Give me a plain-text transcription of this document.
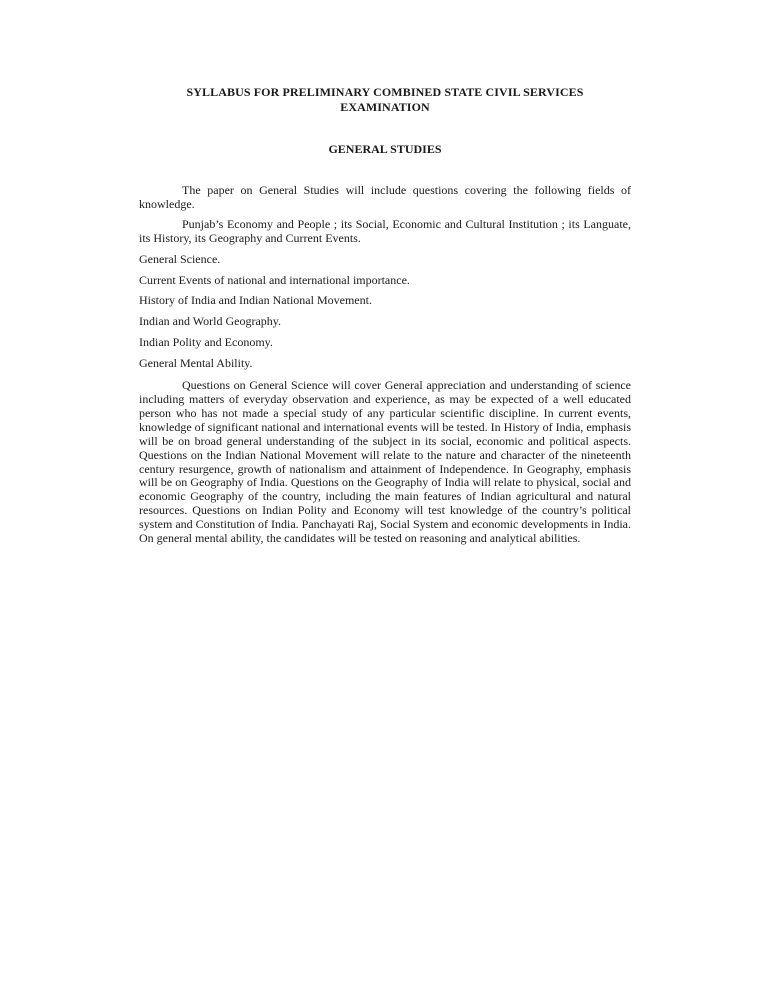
SYLLABUS FOR PRELIMINARY COMBINED STATE CIVIL SERVICES
EXAMINATION
GENERAL STUDIES

The paper on General Studies will include questions covering the following fields of knowledge.

Punjab’s Economy and People ; its Social, Economic and Cultural Institution ; its Languate, its History, its Geography and Current Events.

General Science.

Current Events of national and international importance.

History of India and Indian National Movement.

Indian and World Geography.

Indian Polity and Economy.

General Mental Ability.

Questions on General Science will cover General appreciation and understanding of science including matters of everyday observation and experience, as may be expected of a well educated person who has not made a special study of any particular scientific discipline. In current events, knowledge of significant national and international events will be tested. In History of India, emphasis will be on broad general understanding of the subject in its social, economic and political aspects. Questions on the Indian National Movement will relate to the nature and character of the nineteenth century resurgence, growth of nationalism and attainment of Independence. In Geography, emphasis will be on Geography of India. Questions on the Geography of India will relate to physical, social and economic Geography of the country, including the main features of Indian agricultural and natural resources. Questions on Indian Polity and Economy will test knowledge of the country’s political system and Constitution of India. Panchayati Raj, Social System and economic developments in India. On general mental ability, the candidates will be tested on reasoning and analytical abilities.
